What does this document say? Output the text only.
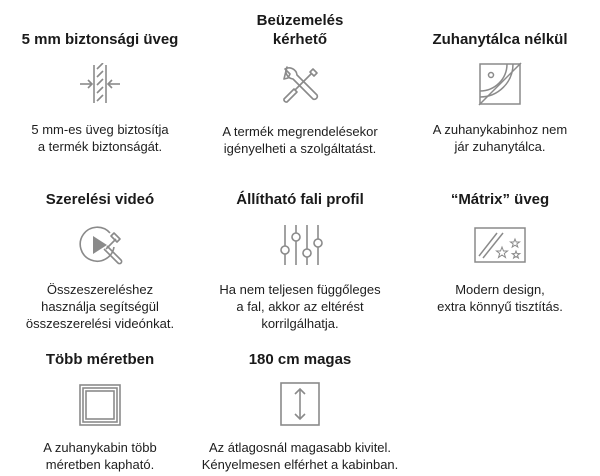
5 mm biztonsági üveg
5 mm-es üveg biztosítja
a termék biztonságát.
Beüzemelés
kérhető
A termék megrendelésekor
igényelheti a szolgáltatást.
Zuhanytálca nélkül
A zuhanykabinhoz nem
jár zuhanytálca.
Szerelési videó
Összeszereléshez
használja segítségül
összeszerelési videónkat.
Állítható fali profil
Ha nem teljesen függőleges
a fal, akkor az eltérést
korrilgálhatja.
“Mátrix” üveg
Modern design,
extra könnyű tisztítás.
Több méretben
A zuhanykabin több
méretben kapható.
180 cm magas
Az átlagosnál magasabb kivitel.
Kényelmesen elférhet a kabinban.
